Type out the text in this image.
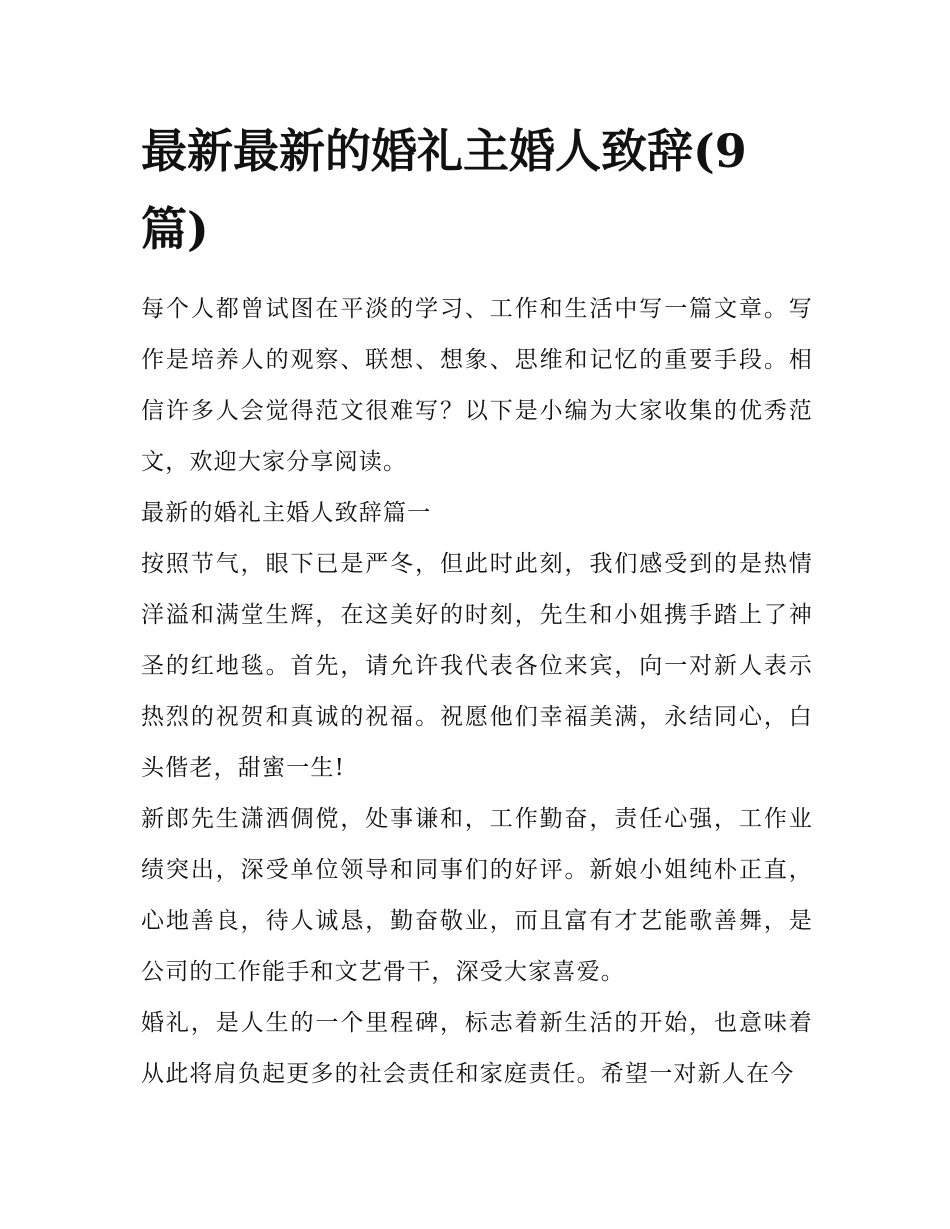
最新最新的婚礼主婚人致辞(9篇)

每个人都曾试图在平淡的学习、工作和生活中写一篇文章。写作是培养人的观察、联想、想象、思维和记忆的重要手段。相信许多人会觉得范文很难写？以下是小编为大家收集的优秀范文，欢迎大家分享阅读。

最新的婚礼主婚人致辞篇一

按照节气，眼下已是严冬，但此时此刻，我们感受到的是热情洋溢和满堂生辉，在这美好的时刻，先生和小姐携手踏上了神圣的红地毯。首先，请允许我代表各位来宾，向一对新人表示热烈的祝贺和真诚的祝福。祝愿他们幸福美满，永结同心，白头偕老，甜蜜一生!

新郎先生潇洒倜傥，处事谦和，工作勤奋，责任心强，工作业绩突出，深受单位领导和同事们的好评。新娘小姐纯朴正直，心地善良，待人诚恳，勤奋敬业，而且富有才艺能歌善舞，是公司的工作能手和文艺骨干，深受大家喜爱。

婚礼，是人生的一个里程碑，标志着新生活的开始，也意味着从此将肩负起更多的社会责任和家庭责任。希望一对新人在今
